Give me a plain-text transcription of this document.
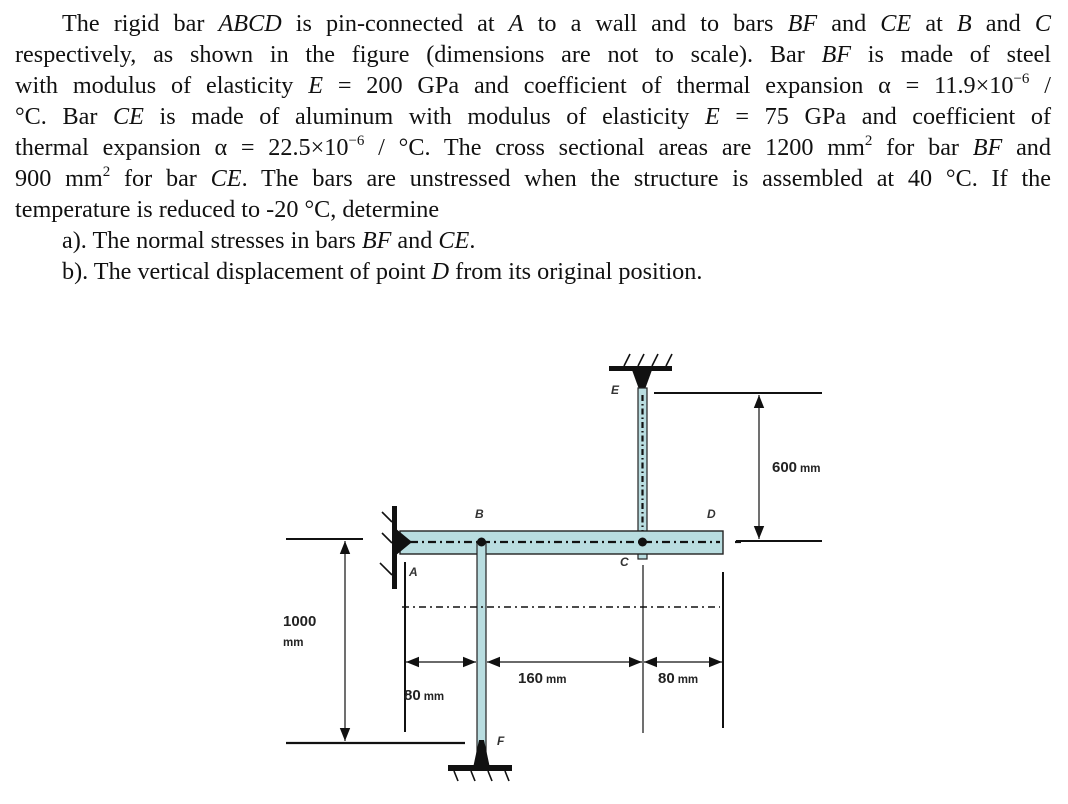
The rigid bar ABCD is pin-connected at A to a wall and to bars BF and CE at B and C
respectively, as shown in the figure (dimensions are not to scale). Bar BF is made of steel
with modulus of elasticity E = 200 GPa and coefficient of thermal expansion $\alpha = 11.9\times 10^{-6}$ /
°C. Bar CE is made of aluminum with modulus of elasticity E = 75 GPa and coefficient of
thermal expansion $\alpha = 22.5\times 10^{-6} / ^\circ C$. The cross sectional areas are 1200 $mm^2$ for bar BF and
900 $mm^2$ for bar CE. The bars are unstressed when the structure is assembled at 40 °C. If the
temperature is reduced to -20 °C, determine
a). The normal stresses in bars BF and CE.
b). The vertical displacement of point D from its original position.

600 mm
1000
mm
80 mm
160 mm	80 mm
E
B	D
A
C
F
